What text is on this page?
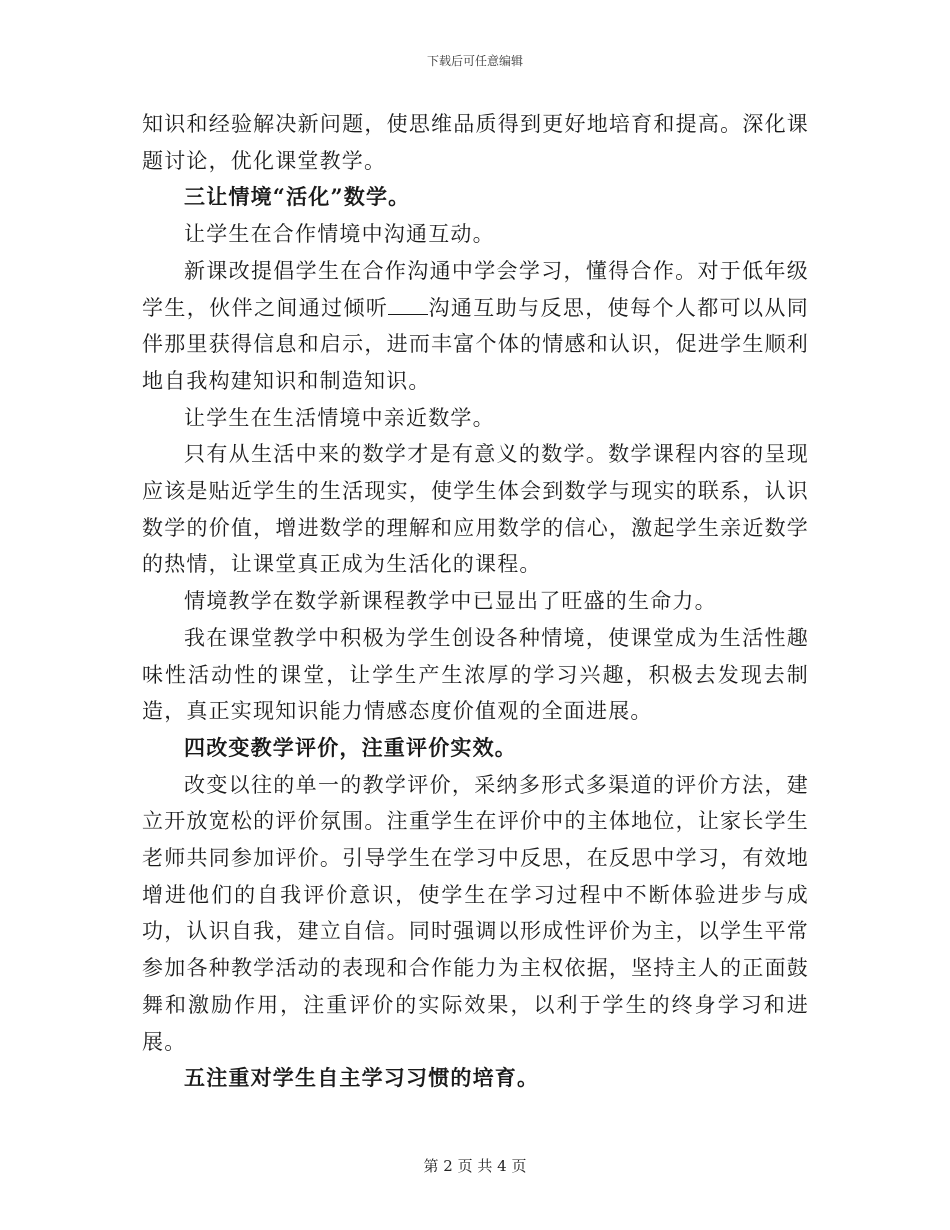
下载后可任意编辑

知识和经验解决新问题，使思维品质得到更好地培育和提高。深化课题讨论，优化课堂教学。

三让情境“活化”数学。

让学生在合作情境中沟通互动。

新课改提倡学生在合作沟通中学会学习，懂得合作。对于低年级学生，伙伴之间通过倾听 沟通互助与反思，使每个人都可以从同伴那里获得信息和启示，进而丰富个体的情感和认识，促进学生顺利地自我构建知识和制造知识。

让学生在生活情境中亲近数学。

只有从生活中来的数学才是有意义的数学。数学课程内容的呈现应该是贴近学生的生活现实，使学生体会到数学与现实的联系，认识数学的价值，增进数学的理解和应用数学的信心，激起学生亲近数学的热情，让课堂真正成为生活化的课程。

情境教学在数学新课程教学中已显出了旺盛的生命力。

我在课堂教学中积极为学生创设各种情境，使课堂成为生活性趣味性活动性的课堂，让学生产生浓厚的学习兴趣，积极去发现去制造，真正实现知识能力情感态度价值观的全面进展。

四改变教学评价，注重评价实效。

改变以往的单一的教学评价，采纳多形式多渠道的评价方法，建立开放宽松的评价氛围。注重学生在评价中的主体地位，让家长学生老师共同参加评价。引导学生在学习中反思，在反思中学习，有效地增进他们的自我评价意识，使学生在学习过程中不断体验进步与成功，认识自我，建立自信。同时强调以形成性评价为主，以学生平常参加各种教学活动的表现和合作能力为主权依据，坚持主人的正面鼓舞和激励作用，注重评价的实际效果，以利于学生的终身学习和进展。

五注重对学生自主学习习惯的培育。

第 2 页 共 4 页
